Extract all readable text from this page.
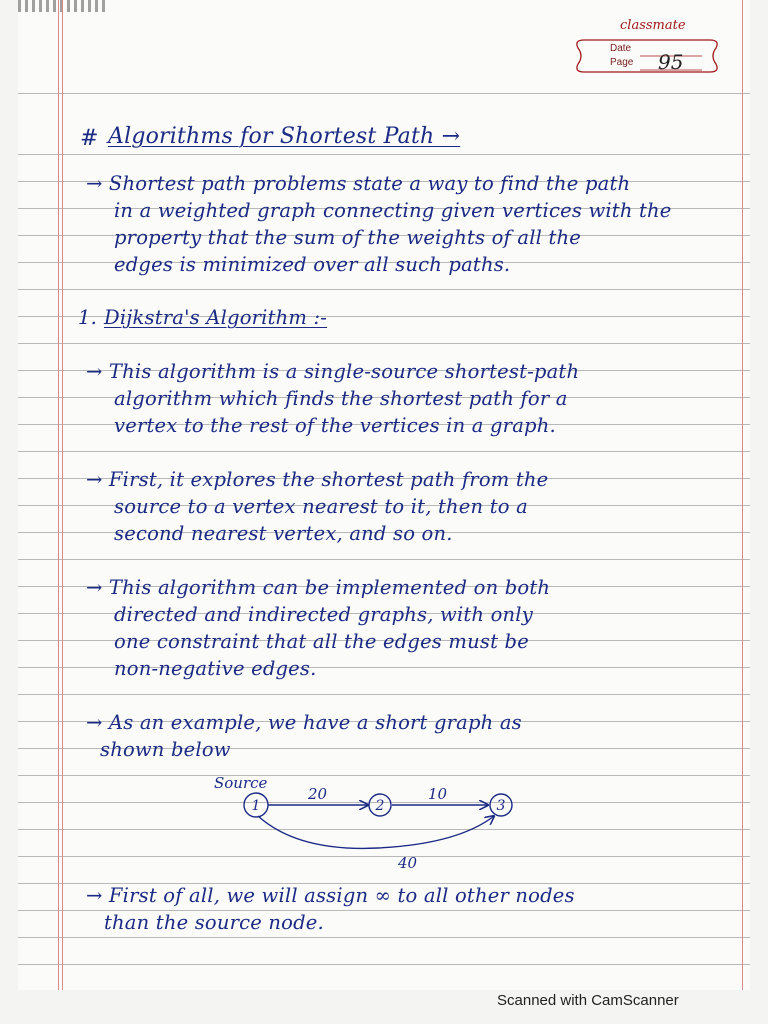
classmate
Date
Page 95
# Algorithms for Shortest Path →
→ Shortest path problems state a way to find the path
in a weighted graph connecting given vertices with the
property that the sum of the weights of all the
edges is minimized over all such paths.
1. Dijkstra's Algorithm :-
→ This algorithm is a single-source shortest-path
algorithm which finds the shortest path for a
vertex to the rest of the vertices in a graph.
→ First, it explores the shortest path from the
source to a vertex nearest to it, then to a
second nearest vertex, and so on.
→ This algorithm can be implemented on both
directed and indirected graphs, with only
one constraint that all the edges must be
non-negative edges.
→ As an example, we have a short graph as
shown below
Source
20	10
40
1	2	3
→ First of all, we will assign ∞ to all other nodes
than the source node.
Scanned with CamScanner
